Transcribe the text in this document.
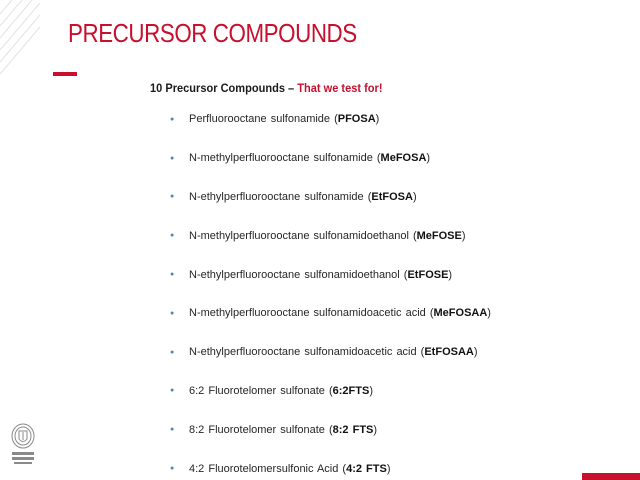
PRECURSOR COMPOUNDS
10 Precursor Compounds – That we test for!
●	Perfluorooctane sulfonamide ( PFOSA )
●	N-methylperfluorooctane sulfonamide ( MeFOSA )
●	N-ethylperfluorooctane sulfonamide ( EtFOSA )
●	N-methylperfluorooctane sulfonamidoethanol ( MeFOSE )
●	N-ethylperfluorooctane sulfonamidoethanol ( EtFOSE )
●	N-methylperfluorooctane sulfonamidoacetic acid ( MeFOSAA )
●	N-ethylperfluorooctane sulfonamidoacetic acid ( EtFOSAA )
●	6:2 Fluorotelomer sulfonate ( 6:2FTS )
●	8:2 Fluorotelomer sulfonate ( 8:2 FTS )
●	4:2 Fluorotelomersulfonic Acid ( 4:2 FTS )
